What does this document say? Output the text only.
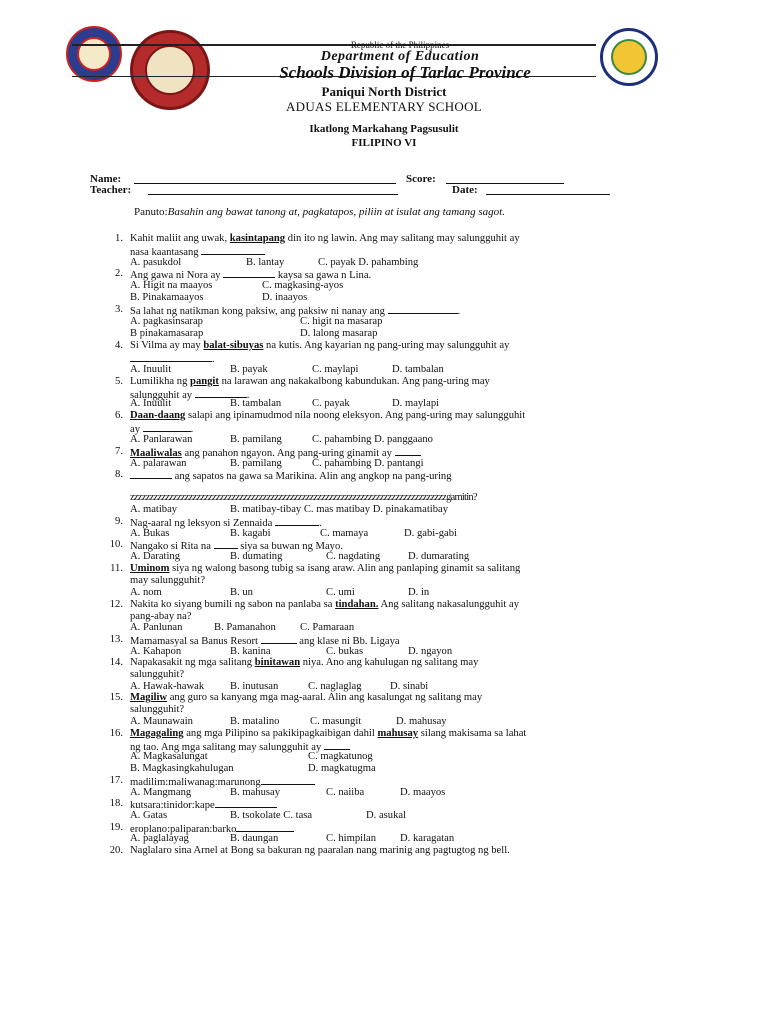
Republic of the Philippines
Department of Education
Schools Division of Tarlac Province
Paniqui North District
ADUAS ELEMENTARY SCHOOL
Ikatlong Markahang Pagsusulit
FILIPINO VI
Name:	Score:
Teacher:	Date:
Panuto:Basahin ang bawat tanong at, pagkatapos, piliin at isulat ang tamang sagot.
1. Kahit maliit ang uwak, kasintapang din ito ng lawin. Ang may salitang may salungguhit ay
nasa kaantasang
A. pasukdol	B. lantay	C. payak D. pahambing
2. Ang gawa ni Nora ay	kaysa sa gawa n Lina.
A. Higit na maayos	C. magkasing-ayos
B. Pinakamaayos	D. inaayos
3. Sa lahat ng natikman kong paksiw, ang paksiw ni nanay ang	.
A. pagkasinsarap	C. higit na masarap
B pinakamasarap	D. lalong masarap
4. Si Vilma ay may balat-sibuyas na kutis. Ang kayarian ng pang-uring may salungguhit ay
.
A. Inuulit	B. payak	C. maylapi	D. tambalan
5. Lumilikha ng pangit na larawan ang nakakalbong kabundukan. Ang pang-uring may
salungguhit ay	.
A. Inuulit	B. tambalan	C. payak	D. maylapi
6. Daan-daang salapi ang ipinamudmod nila noong eleksyon. Ang pang-uring may salungguhit
ay	.
A. Panlarawan	B. pamilang	C. pahambing D. panggaano
7. Maaliwalas ang panahon ngayon. Ang pang-uring ginamit ay
A. palarawan	B. pamilang	C. pahambing D. pantangi
8.	ang sapatos na gawa sa Marikina. Alin ang angkop na pang-uring
zzzzzzzzzzzzzzzzzzzzzzzzzzzzzzzzzzzzzzzzzzzzzzzzzzzzzzzzzzzzzzzzzzzzzzzzzzzzzzzzzgamitin?
A. matibay	B. matibay-tibay C. mas matibay D. pinakamatibay
9. Nag-aaral ng leksyon si Zennaida	.
A. Bukas	B. kagabi	C. mamaya	D. gabi-gabi
10. Nangako si Rita na	siya sa buwan ng Mayo.
A. Darating	B. dumating	C. nagdating	D. dumarating
11. Uminom siya ng walong basong tubig sa isang araw. Alin ang panlaping ginamit sa salitang
may salungguhit?
A. nom	B. un	C. umi	D. in
12. Nakita ko siyang bumili ng sabon na panlaba sa tindahan. Ang salitang nakasalungguhit ay
pang-abay na?
A. Panlunan	B. Pamanahon C. Pamaraan
13. Mamamasyal sa Banus Resort	ang klase ni Bb. Ligaya
A. Kahapon	B. kanina	C. bukas	D. ngayon
14. Napakasakit ng mga salitang binitawan niya. Ano ang kahulugan ng salitang may
salungguhit?
A. Hawak-hawak B. inutusan	C. naglaglag	D. sinabi
15. Magiliw ang guro sa kanyang mga mag-aaral. Alin ang kasalungat ng salitang may
salungguhit?
A. Maunawain	B. matalino	C. masungit	D. mahusay
16. Magagaling ang mga Pilipino sa pakikipagkaibigan dahil mahusay silang makisama sa lahat
ng tao. Ang mga salitang may salungguhit ay
A. Magkasalungat	C. magkatunog
B. Magkasingkahulugan	D. magkatugma
17. madilim:maliwanag:marunong
A. Mangmang	B. mahusay	C. naiiba	D. maayos
18. kutsara:tinidor:kape
A. Gatas	B. tsokolate C. tasa	D. asukal
19. eroplano:paliparan:barko
A. paglalayag	B. daungan	C. himpilan D. karagatan
20. Naglalaro sina Arnel at Bong sa bakuran ng paaralan nang marinig ang pagtugtog ng bell.
